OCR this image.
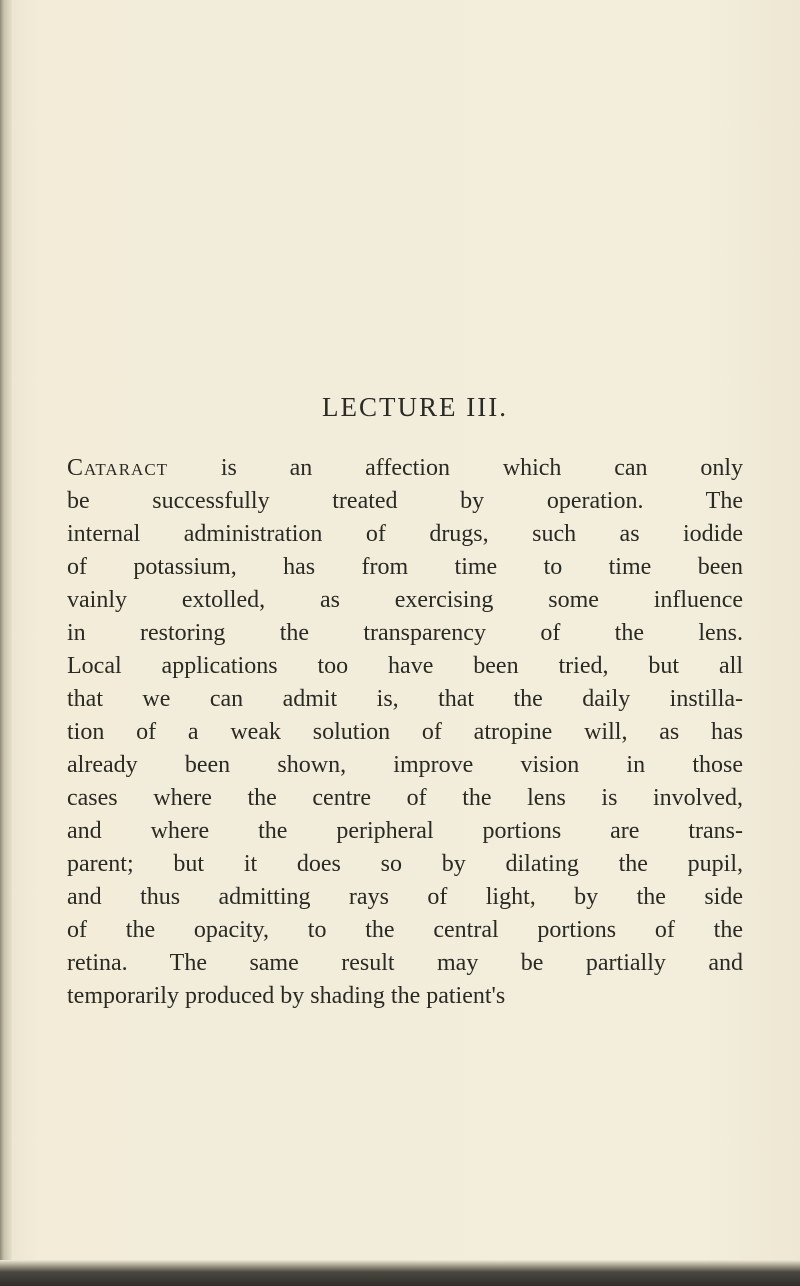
LECTURE III.
Cataract is an affection which can only
be successfully treated by operation. The
internal administration of drugs, such as iodide
of potassium, has from time to time been
vainly extolled, as exercising some influence
in restoring the transparency of the lens.
Local applications too have been tried, but all
that we can admit is, that the daily instilla-
tion of a weak solution of atropine will, as has
already been shown, improve vision in those
cases where the centre of the lens is involved,
and where the peripheral portions are trans-
parent; but it does so by dilating the pupil,
and thus admitting rays of light, by the side
of the opacity, to the central portions of the
retina. The same result may be partially and
temporarily produced by shading the patient's
